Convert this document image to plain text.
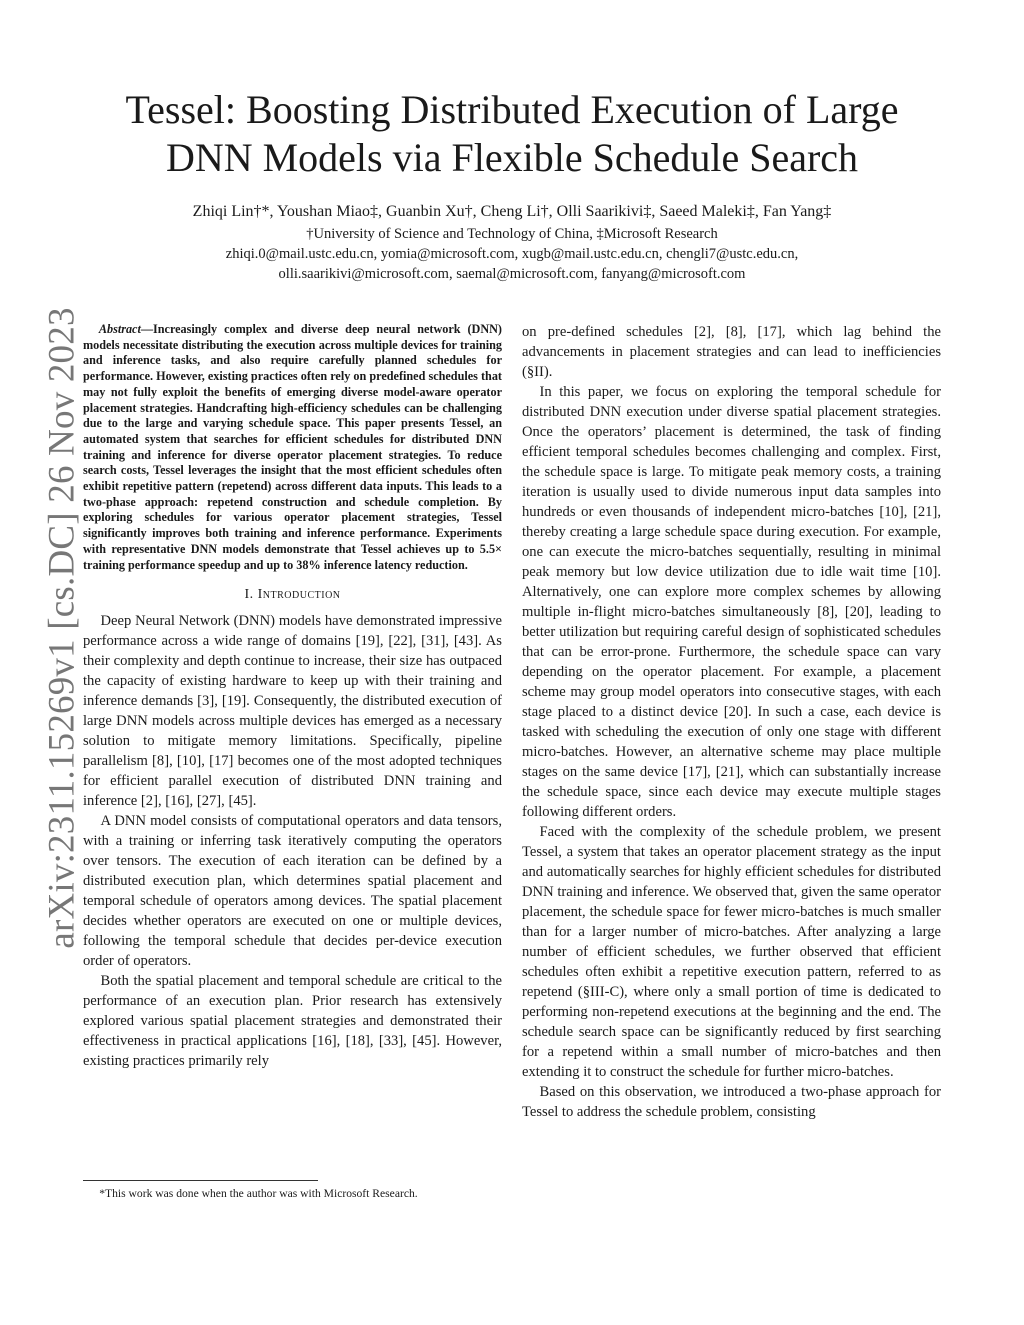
arXiv:2311.15269v1 [cs.DC] 26 Nov 2023
Tessel: Boosting Distributed Execution of Large
DNN Models via Flexible Schedule Search
Zhiqi Lin†*, Youshan Miao‡, Guanbin Xu†, Cheng Li†, Olli Saarikivi‡, Saeed Maleki‡, Fan Yang‡
†University of Science and Technology of China, ‡Microsoft Research
zhiqi.0@mail.ustc.edu.cn, yomia@microsoft.com, xugb@mail.ustc.edu.cn, chengli7@ustc.edu.cn,
olli.saarikivi@microsoft.com, saemal@microsoft.com, fanyang@microsoft.com

Abstract—Increasingly complex and diverse deep neural network (DNN) models necessitate distributing the execution across multiple devices for training and inference tasks, and also require carefully planned schedules for performance. However, existing practices often rely on predefined schedules that may not fully exploit the benefits of emerging diverse model-aware operator placement strategies. Handcrafting high-efficiency schedules can be challenging due to the large and varying schedule space. This paper presents Tessel, an automated system that searches for efficient schedules for distributed DNN training and inference for diverse operator placement strategies. To reduce search costs, Tessel leverages the insight that the most efficient schedules often exhibit repetitive pattern (repetend) across different data inputs. This leads to a two-phase approach: repetend construction and schedule completion. By exploring schedules for various operator placement strategies, Tessel significantly improves both training and inference performance. Experiments with representative DNN models demonstrate that Tessel achieves up to 5.5× training performance speedup and up to 38% inference latency reduction.

I. Introduction

Deep Neural Network (DNN) models have demonstrated impressive performance across a wide range of domains [19], [22], [31], [43]. As their complexity and depth continue to increase, their size has outpaced the capacity of existing hardware to keep up with their training and inference demands [3], [19]. Consequently, the distributed execution of large DNN models across multiple devices has emerged as a necessary solution to mitigate memory limitations. Specifically, pipeline parallelism [8], [10], [17] becomes one of the most adopted techniques for efficient parallel execution of distributed DNN training and inference [2], [16], [27], [45].

A DNN model consists of computational operators and data tensors, with a training or inferring task iteratively computing the operators over tensors. The execution of each iteration can be defined by a distributed execution plan, which determines spatial placement and temporal schedule of operators among devices. The spatial placement decides whether operators are executed on one or multiple devices, following the temporal schedule that decides per-device execution order of operators.

Both the spatial placement and temporal schedule are critical to the performance of an execution plan. Prior research has extensively explored various spatial placement strategies and demonstrated their effectiveness in practical applications [16], [18], [33], [45]. However, existing practices primarily rely

on pre-defined schedules [2], [8], [17], which lag behind the advancements in placement strategies and can lead to inefficiencies (§II).

In this paper, we focus on exploring the temporal schedule for distributed DNN execution under diverse spatial placement strategies. Once the operators’ placement is determined, the task of finding efficient temporal schedules becomes challenging and complex. First, the schedule space is large. To mitigate peak memory costs, a training iteration is usually used to divide numerous input data samples into hundreds or even thousands of independent micro-batches [10], [21], thereby creating a large schedule space during execution. For example, one can execute the micro-batches sequentially, resulting in minimal peak memory but low device utilization due to idle wait time [10]. Alternatively, one can explore more complex schemes by allowing multiple in-flight micro-batches simultaneously [8], [20], leading to better utilization but requiring careful design of sophisticated schedules that can be error-prone. Furthermore, the schedule space can vary depending on the operator placement. For example, a placement scheme may group model operators into consecutive stages, with each stage placed to a distinct device [20]. In such a case, each device is tasked with scheduling the execution of only one stage with different micro-batches. However, an alternative scheme may place multiple stages on the same device [17], [21], which can substantially increase the schedule space, since each device may execute multiple stages following different orders.

Faced with the complexity of the schedule problem, we present Tessel, a system that takes an operator placement strategy as the input and automatically searches for highly efficient schedules for distributed DNN training and inference. We observed that, given the same operator placement, the schedule space for fewer micro-batches is much smaller than for a larger number of micro-batches. After analyzing a large number of efficient schedules, we further observed that efficient schedules often exhibit a repetitive execution pattern, referred to as repetend (§III-C), where only a small portion of time is dedicated to performing non-repetend executions at the beginning and the end. The schedule search space can be significantly reduced by first searching for a repetend within a small number of micro-batches and then extending it to construct the schedule for further micro-batches.

Based on this observation, we introduced a two-phase approach for Tessel to address the schedule problem, consisting

*This work was done when the author was with Microsoft Research.
